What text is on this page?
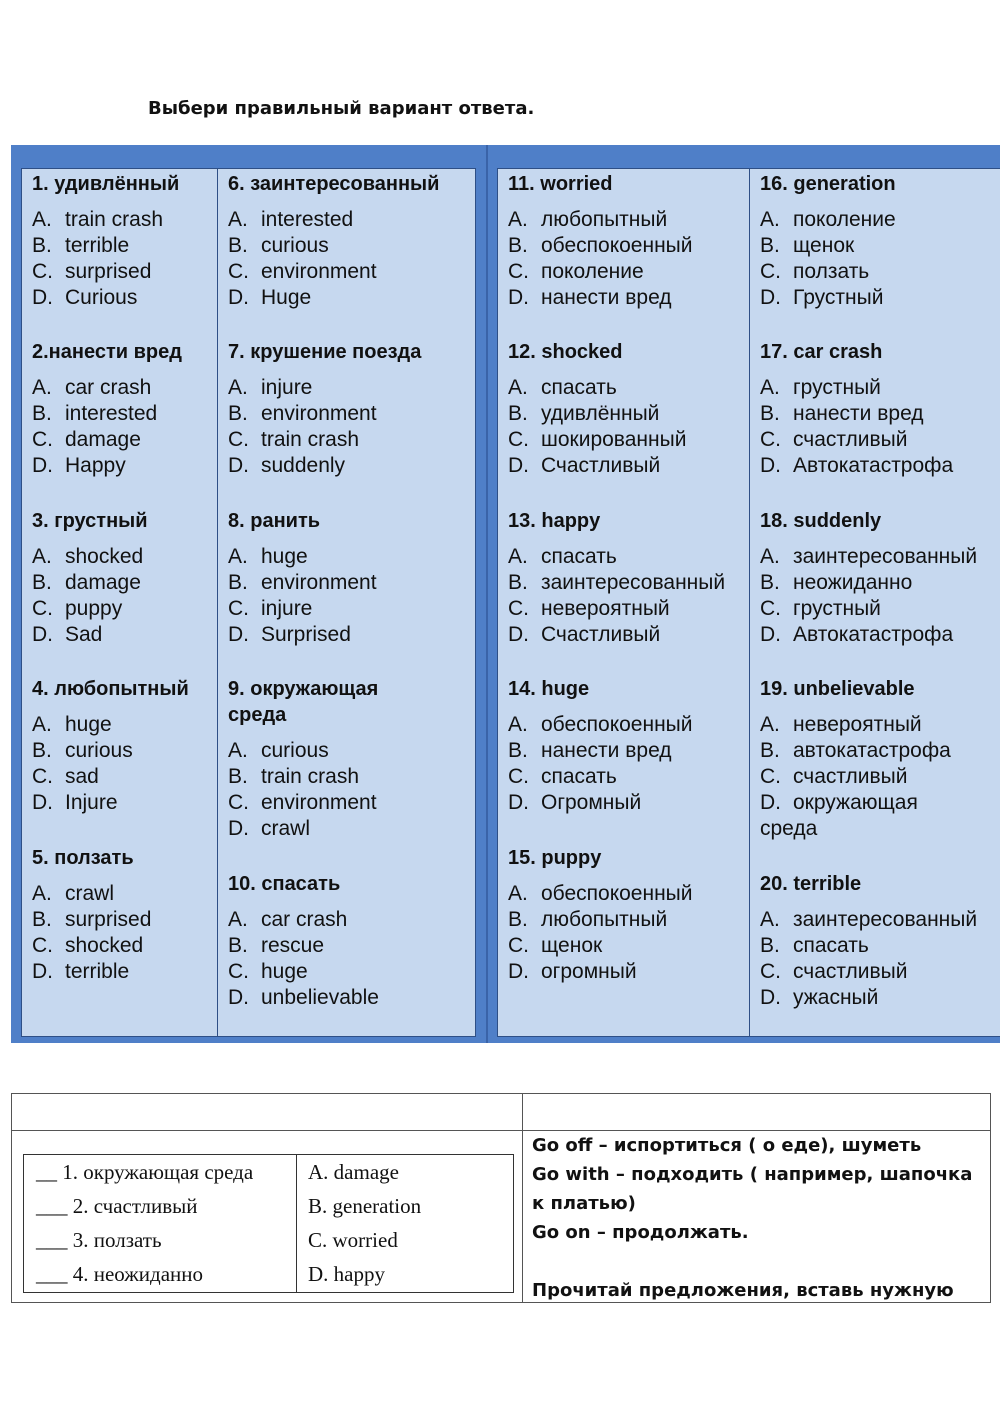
Выбери правильный вариант ответа.
1. удивлённый
A. train crash
B. terrible
C. surprised
D. Curious
2.нанести вред
A. car crash
B. interested
C. damage
D. Happy
3. грустный
A. shocked
B. damage
C. puppy
D. Sad
4. любопытный
A. huge
B. curious
C. sad
D. Injure
5. ползать
A. crawl
B. surprised
C. shocked
D. terrible
6. заинтересованный
A. interested
B. curious
C. environment
D. Huge
7. крушение поезда
A. injure
B. environment
C. train crash
D. suddenly
8. ранить
A. huge
B. environment
C. injure
D. Surprised
9. окружающая среда
A. curious
B. train crash
C. environment
D. crawl
10. спасать
A. car crash
B. rescue
C. huge
D. unbelievable
11. worried
A. любопытный
B. обеспокоенный
C. поколение
D. нанести вред
12. shocked
A. спасать
B. удивлённый
C. шокированный
D. Счастливый
13. happy
A. спасать
B. заинтересованный
C. невероятный
D. Счастливый
14. huge
A. обеспокоенный
B. нанести вред
C. спасать
D. Огромный
15. puppy
A. обеспокоенный
B. любопытный
C. щенок
D. огромный
16. generation
A. поколение
B. щенок
C. ползать
D. Грустный
17. car crash
A. грустный
B. нанести вред
C. счастливый
D. Автокатастрофа
18. suddenly
A. заинтересованный
B. неожиданно
C. грустный
D. Автокатастрофа
19. unbelievable
A. невероятный
B. автокатастрофа
C. счастливый
D. окружающая среда
20. terrible
A. заинтересованный
B. спасать
C. счастливый
D. ужасный
__ 1. окружающая среда
___ 2. счастливый
___ 3. ползать
___ 4. неожиданно
A. damage
B. generation
C. worried
D. happy
Go off – испортиться ( о еде), шуметь
Go with – подходить ( например, шапочка к платью)
Go on – продолжать.
Прочитай предложения, вставь нужную
